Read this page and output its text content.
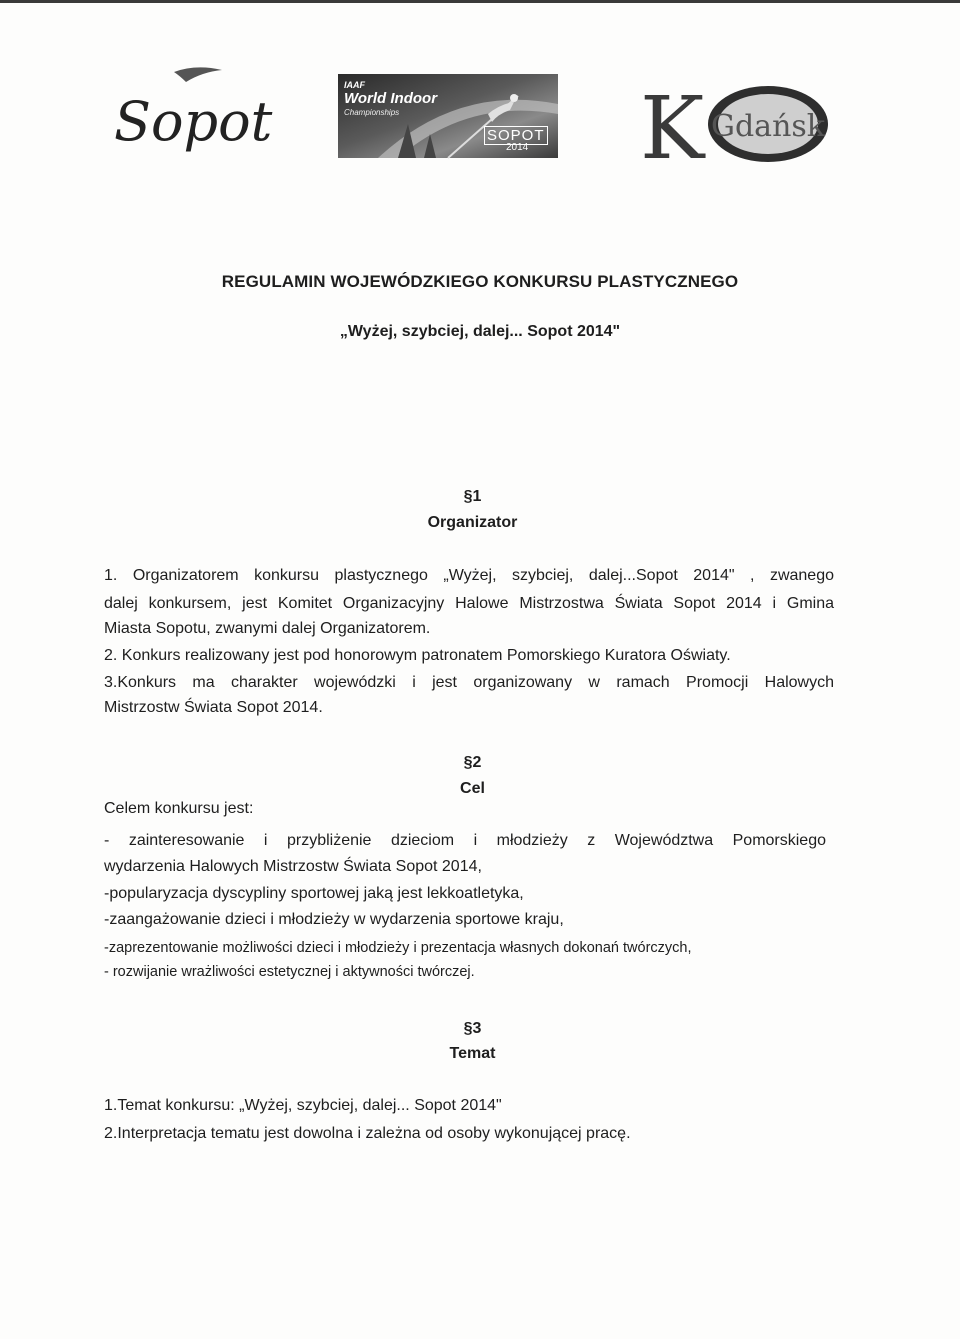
Sopot
IAAF
World Indoor
Championships
SOPOT
2014 K Gdańsk
REGULAMIN WOJEWÓDZKIEGO KONKURSU PLASTYCZNEGO
„Wyżej, szybciej, dalej... Sopot 2014"
§1
Organizator
1. Organizatorem konkursu plastycznego „Wyżej, szybciej, dalej...Sopot 2014" , zwanego
dalej konkursem, jest Komitet Organizacyjny Halowe Mistrzostwa Świata Sopot 2014 i Gmina
Miasta Sopotu, zwanymi dalej Organizatorem.
2. Konkurs realizowany jest pod honorowym patronatem Pomorskiego Kuratora Oświaty.
3.Konkurs ma charakter wojewódzki i jest organizowany w ramach Promocji Halowych
Mistrzostw Świata Sopot 2014.
§2
Cel
Celem konkursu jest:
- zainteresowanie i przybliżenie dzieciom i młodzieży z Województwa Pomorskiego
wydarzenia Halowych Mistrzostw Świata Sopot 2014,
-popularyzacja dyscypliny sportowej jaką jest lekkoatletyka,
-zaangażowanie dzieci i młodzieży w wydarzenia sportowe kraju,
-zaprezentowanie możliwości dzieci i młodzieży i prezentacja własnych dokonań twórczych,
- rozwijanie wrażliwości estetycznej i aktywności twórczej.
§3
Temat
1.Temat konkursu: „Wyżej, szybciej, dalej... Sopot 2014"
2.Interpretacja tematu jest dowolna i zależna od osoby wykonującej pracę.
